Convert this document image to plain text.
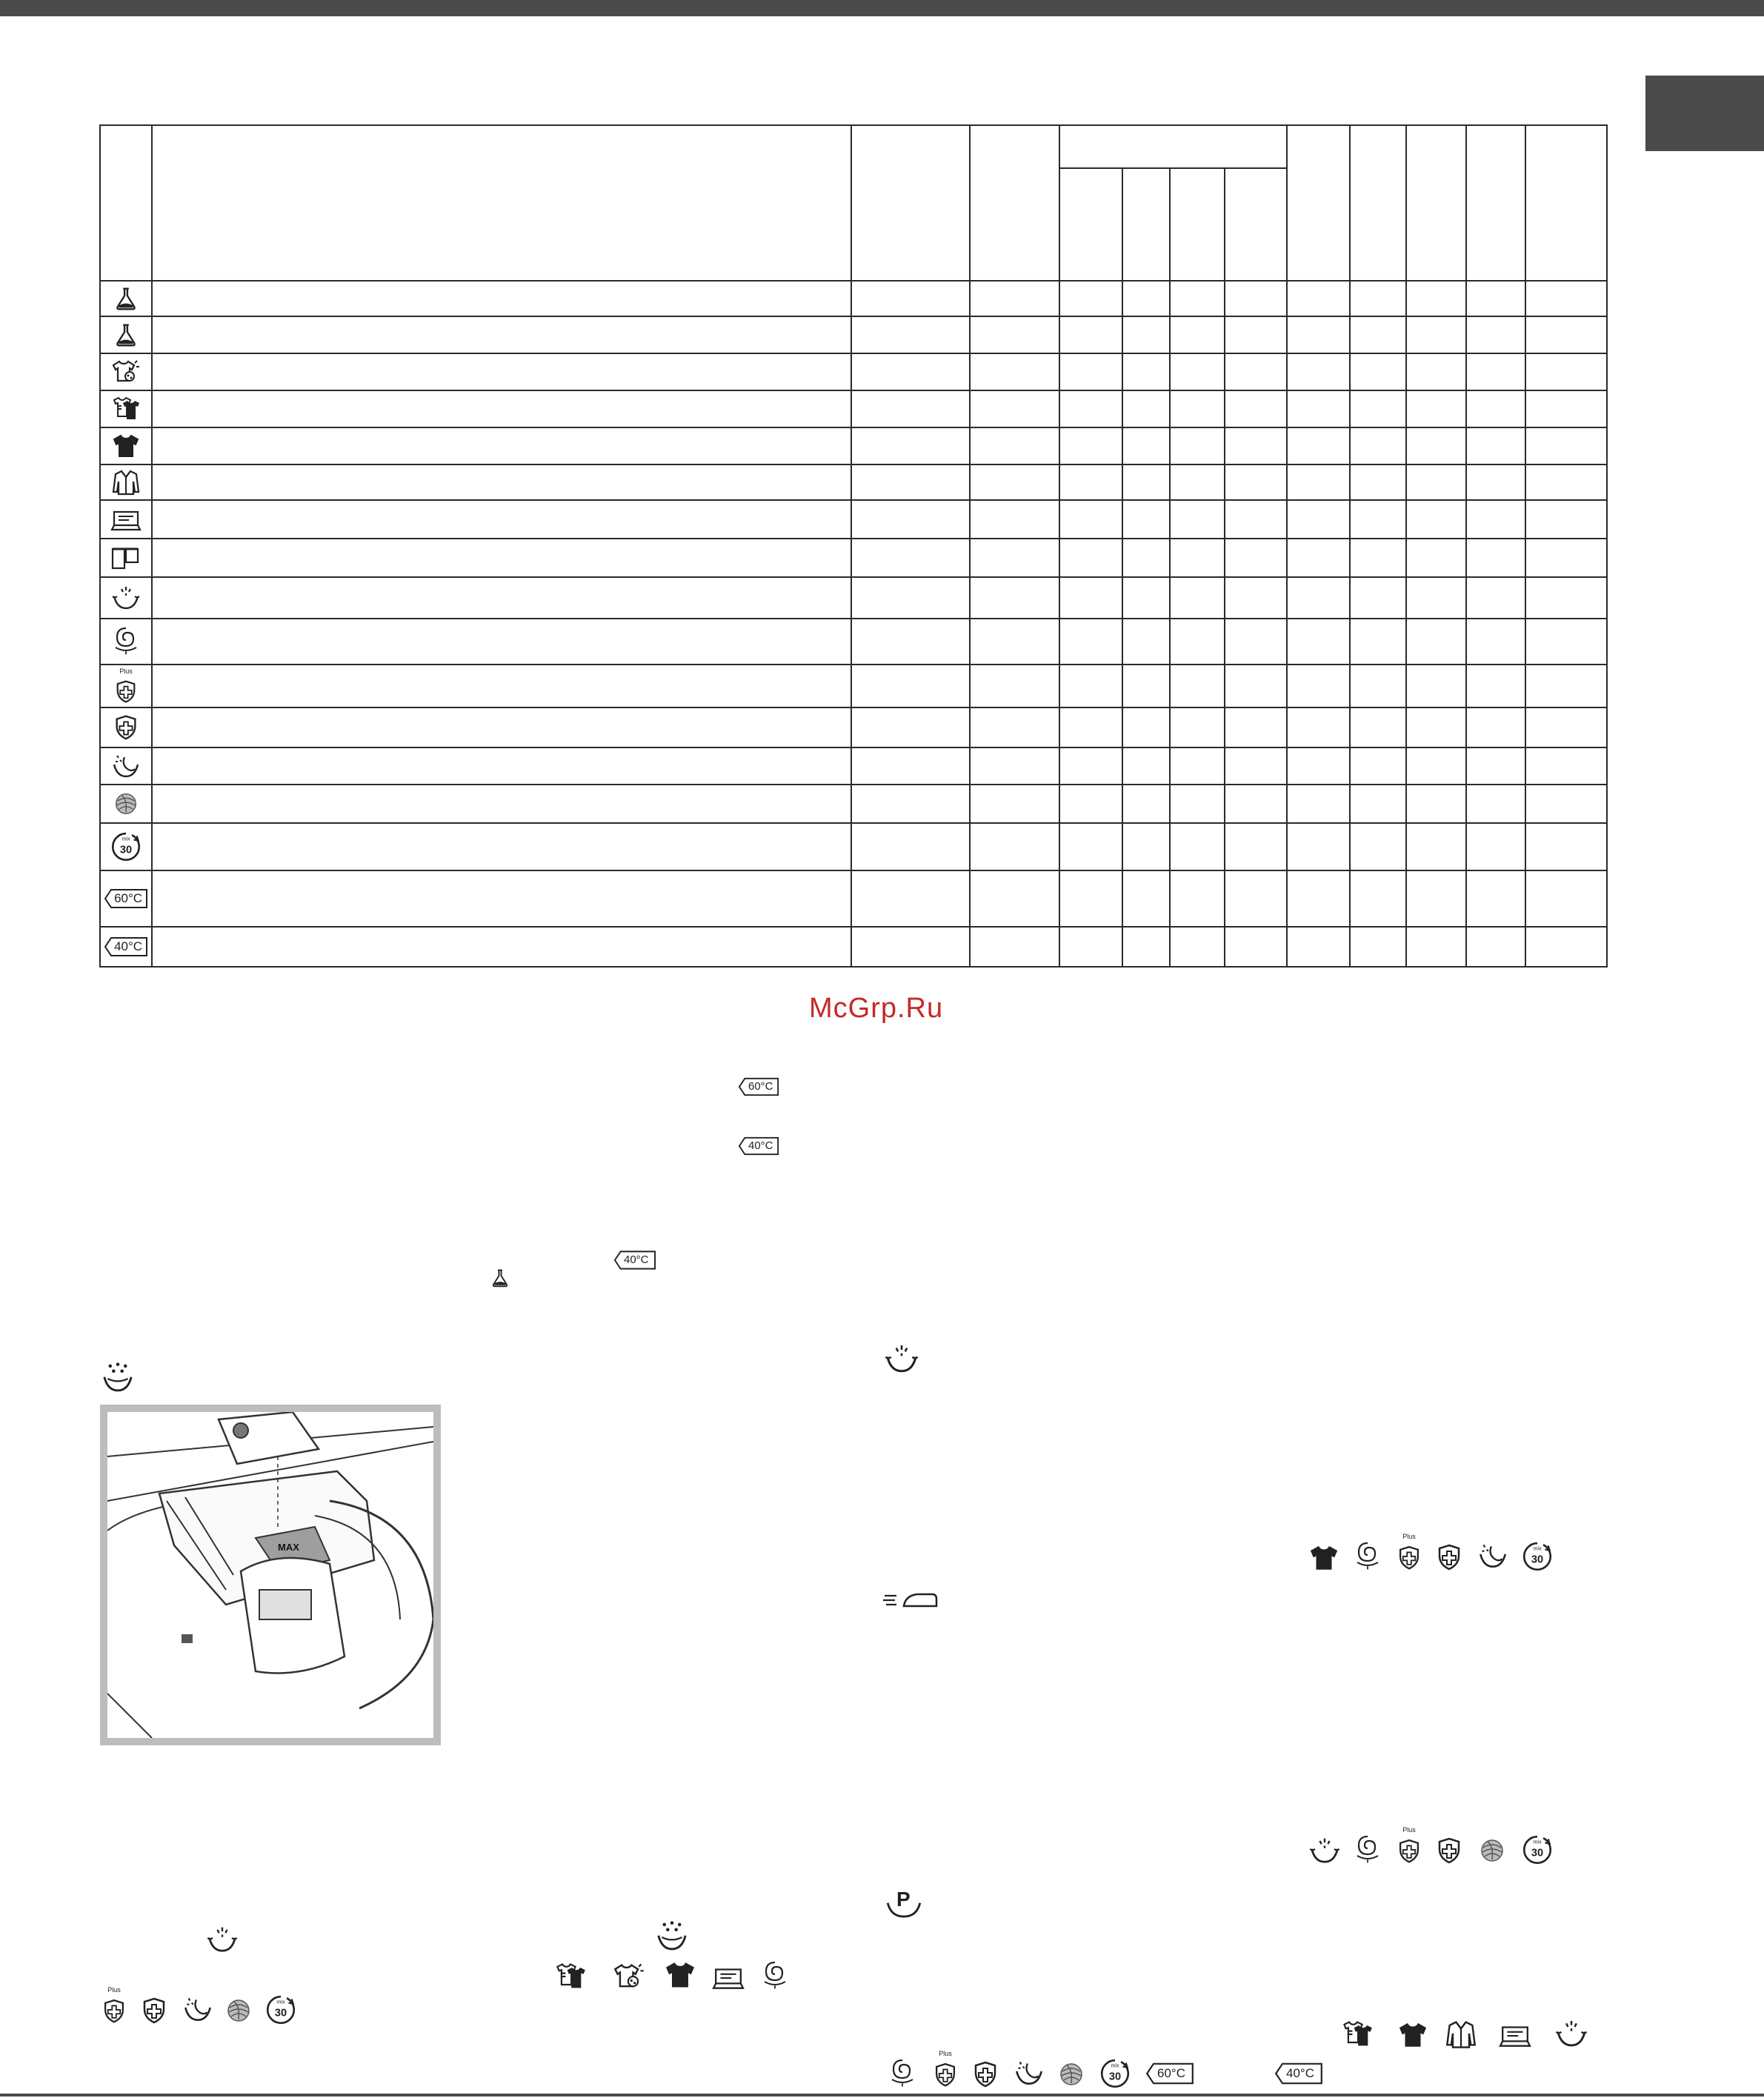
Plus												

60°C												

40°C												

McGrp.Ru
60°C
40°C
40°C
MAX
P
Plus
Plus
Plus
60°C	40°C
Plus
